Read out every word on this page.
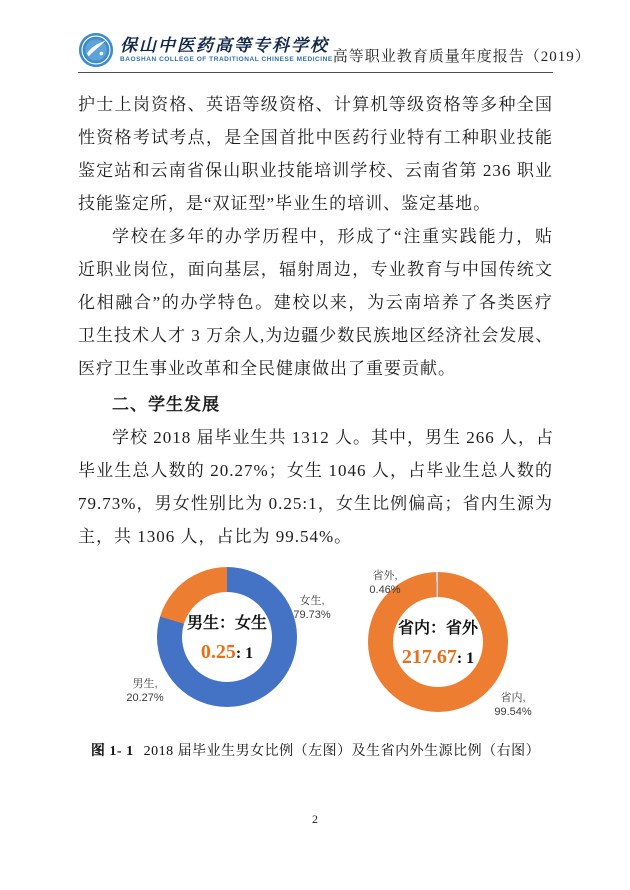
保山中医药高等专科学校
BAOSHAN COLLEGE OF TRADITIONAL CHINESE MEDICINE 高等职业教育质量年度报告（2019）
护士上岗资格、英语等级资格、计算机等级资格等多种全国
性资格考试考点，是全国首批中医药行业特有工种职业技能
鉴定站和云南省保山职业技能培训学校、云南省第 236 职业
技能鉴定所，是“双证型”毕业生的培训、鉴定基地。
学校在多年的办学历程中，形成了“注重实践能力，贴
近职业岗位，面向基层，辐射周边，专业教育与中国传统文
化相融合”的办学特色。建校以来，为云南培养了各类医疗
卫生技术人才 3 万余人,为边疆少数民族地区经济社会发展、
医疗卫生事业改革和全民健康做出了重要贡献。
二、学生发展
学校 2018 届毕业生共 1312 人。其中，男生 266 人，占
毕业生总人数的 20.27%；女生 1046 人，占毕业生总人数的
79.73%，男女性别比为 0.25:1，女生比例偏高；省内生源为
主，共 1306 人，占比为 99.54%。
男生：女生
0.25: 1
女生,
79.73%
男生,
20.27%
省内：省外
217.67: 1
省外,
0.46%
省内,
99.54%
图 1- 1 2018 届毕业生男女比例（左图）及生省内外生源比例（右图）
2
